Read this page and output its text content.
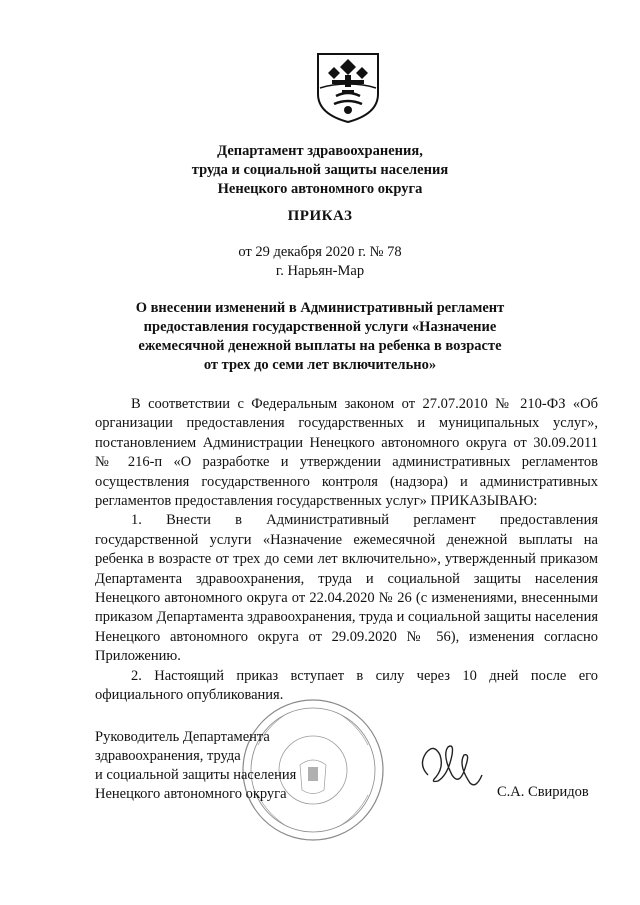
Департамент здравоохранения,
труда и социальной защиты населения
Ненецкого автономного округа
ПРИКАЗ
от 29 декабря 2020 г. № 78
г. Нарьян-Мар
О внесении изменений в Административный регламент
предоставления государственной услуги «Назначение
ежемесячной денежной выплаты на ребенка в возрасте
от трех до семи лет включительно»

В соответствии с Федеральным законом от 27.07.2010 № 210-ФЗ «Об организации предоставления государственных и муниципальных услуг», постановлением Администрации Ненецкого автономного округа от 30.09.2011 № 216-п «О разработке и утверждении административных регламентов осуществления государственного контроля (надзора) и административных регламентов предоставления государственных услуг» ПРИКАЗЫВАЮ:

1. Внести в Административный регламент предоставления государственной услуги «Назначение ежемесячной денежной выплаты на ребенка в возрасте от трех до семи лет включительно», утвержденный приказом Департамента здравоохранения, труда и социальной защиты населения Ненецкого автономного округа от 22.04.2020 № 26 (с изменениями, внесенными приказом Департамента здравоохранения, труда и социальной защиты населения Ненецкого автономного округа от 29.09.2020 № 56), изменения согласно Приложению.

2. Настоящий приказ вступает в силу через 10 дней после его официального опубликования.

Руководитель Департамента
здравоохранения, труда
и социальной защиты населения
Ненецкого автономного округа	С.А. Свиридов
